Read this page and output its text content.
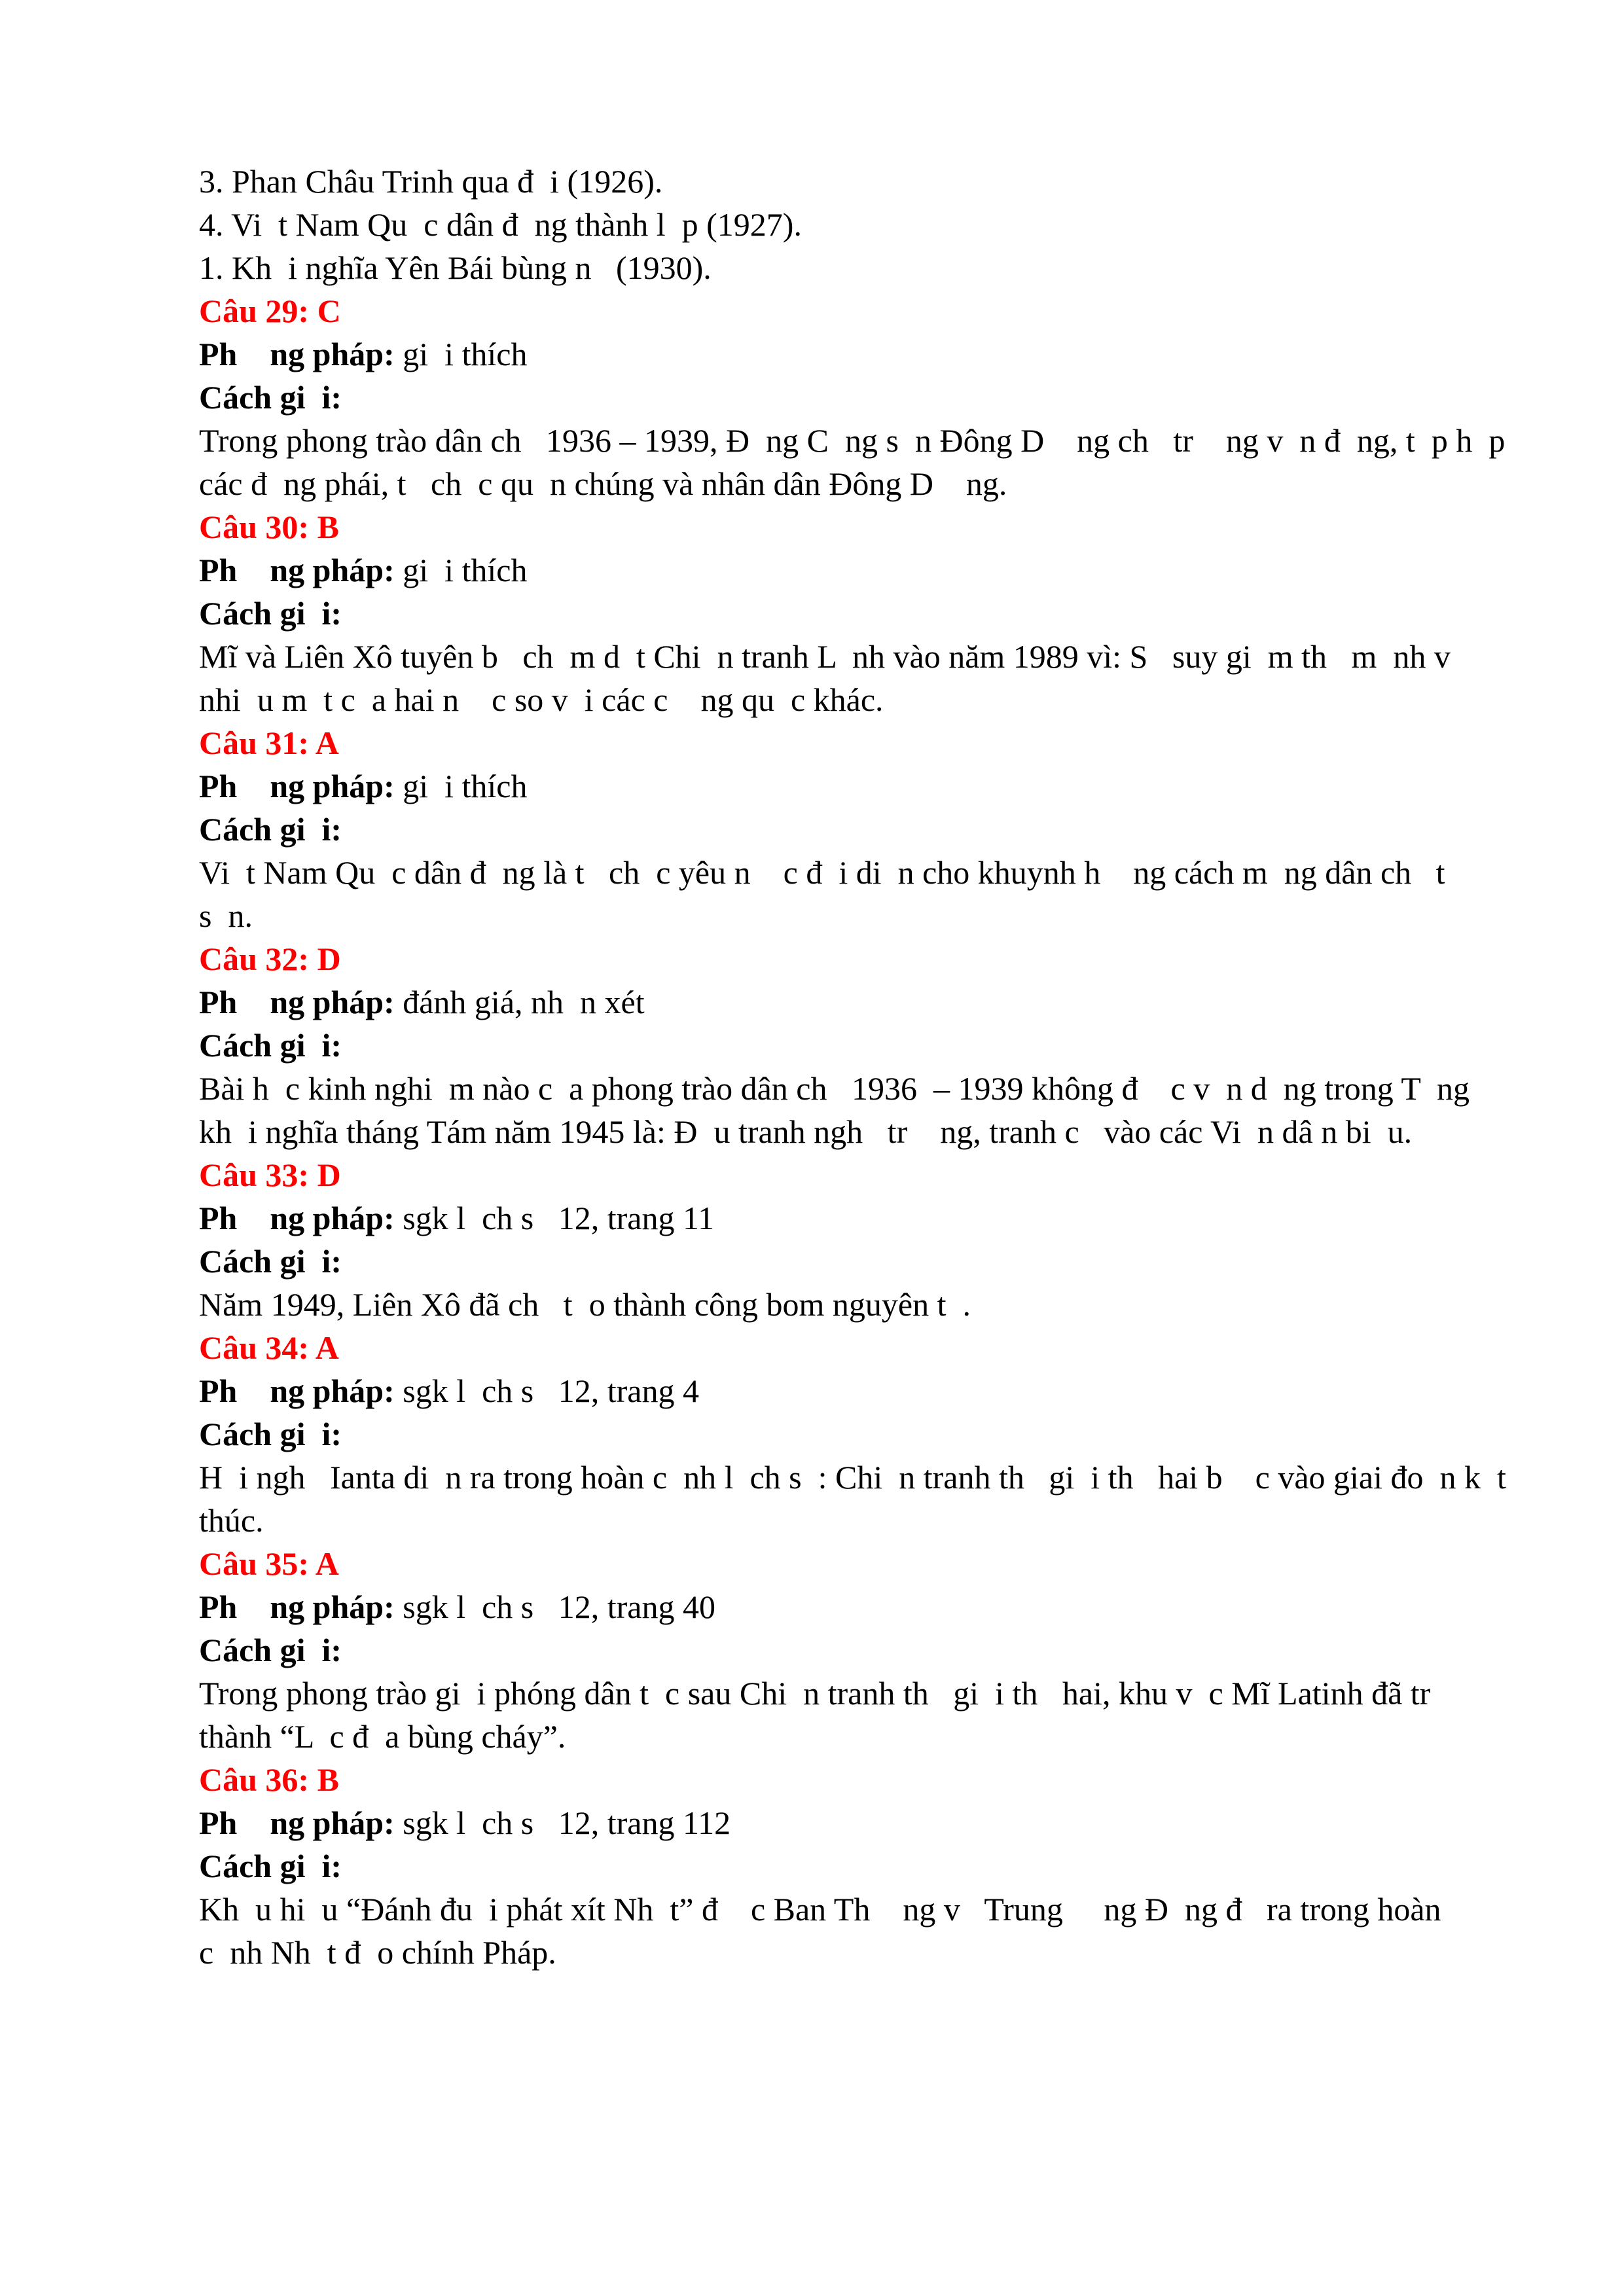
3. Phan Châu Trinh qua đ  i (1926).
4. Vi  t Nam Qu  c dân đ  ng thành l  p (1927).
1. Kh  i nghĩa Yên Bái bùng n   (1930).
Câu 29: C
Ph    ng pháp: gi  i thích
Cách gi  i:
Trong phong trào dân ch   1936 – 1939, Đ  ng C  ng s  n Đông D    ng ch   tr    ng v  n đ  ng, t  p h  p
các đ  ng phái, t   ch  c qu  n chúng và nhân dân Đông D    ng.
Câu 30: B
Ph    ng pháp: gi  i thích
Cách gi  i:
Mĩ và Liên Xô tuyên b   ch  m d  t Chi  n tranh L  nh vào năm 1989 vì: S   suy gi  m th   m  nh v
nhi  u m  t c  a hai n    c so v  i các c    ng qu  c khác.
Câu 31: A
Ph    ng pháp: gi  i thích
Cách gi  i:
Vi  t Nam Qu  c dân đ  ng là t   ch  c yêu n    c đ  i di  n cho khuynh h    ng cách m  ng dân ch   t
s  n.
Câu 32: D
Ph    ng pháp: đánh giá, nh  n xét
Cách gi  i:
Bài h  c kinh nghi  m nào c  a phong trào dân ch   1936  – 1939 không đ    c v  n d  ng trong T  ng
kh  i nghĩa tháng Tám năm 1945 là: Đ  u tranh ngh   tr    ng, tranh c   vào các Vi  n dâ n bi  u.
Câu 33: D
Ph    ng pháp: sgk l  ch s   12, trang 11
Cách gi  i:
Năm 1949, Liên Xô đã ch   t  o thành công bom nguyên t  .
Câu 34: A
Ph    ng pháp: sgk l  ch s   12, trang 4
Cách gi  i:
H  i ngh   Ianta di  n ra trong hoàn c  nh l  ch s  : Chi  n tranh th   gi  i th   hai b    c vào giai đo  n k  t
thúc.
Câu 35: A
Ph    ng pháp: sgk l  ch s   12, trang 40
Cách gi  i:
Trong phong trào gi  i phóng dân t  c sau Chi  n tranh th   gi  i th   hai, khu v  c Mĩ Latinh đã tr
thành “L  c đ  a bùng cháy”.
Câu 36: B
Ph    ng pháp: sgk l  ch s   12, trang 112
Cách gi  i:
Kh  u hi  u “Đánh đu  i phát xít Nh  t” đ    c Ban Th    ng v   Trung     ng Đ  ng đ   ra trong hoàn
c  nh Nh  t đ  o chính Pháp.
